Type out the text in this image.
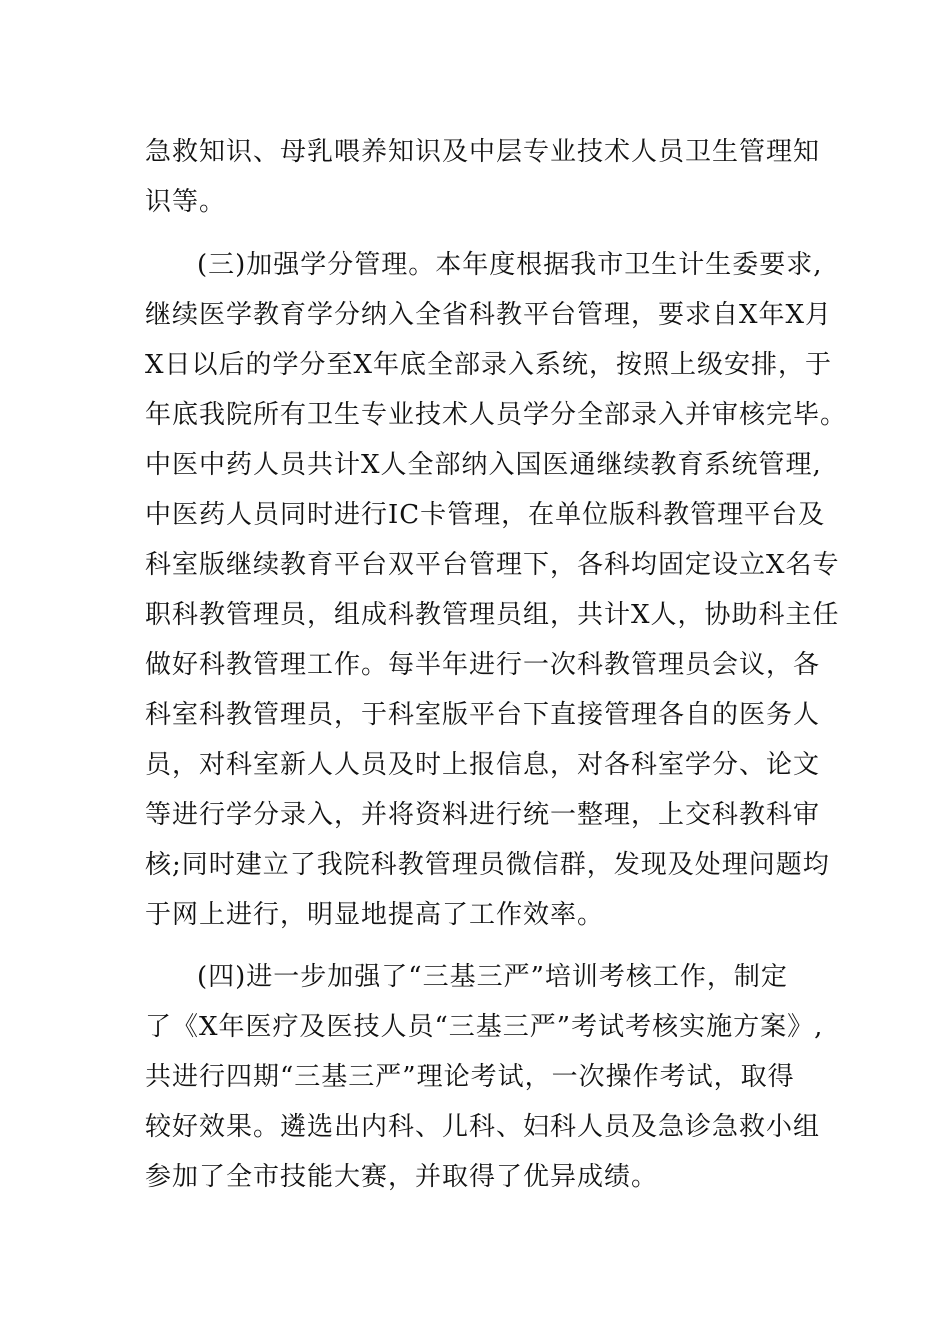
急救知识、母乳喂养知识及中层专业技术人员卫生管理知

识等。

(三)加强学分管理。本年度根据我市卫生计生委要求,

继续医学教育学分纳入全省科教平台管理，要求自X年X月

X日以后的学分至X年底全部录入系统，按照上级安排，于

年底我院所有卫生专业技术人员学分全部录入并审核完毕。

中医中药人员共计X人全部纳入国医通继续教育系统管理,

中医药人员同时进行IC卡管理，在单位版科教管理平台及

科室版继续教育平台双平台管理下，各科均固定设立X名专

职科教管理员，组成科教管理员组，共计X人，协助科主任

做好科教管理工作。每半年进行一次科教管理员会议，各

科室科教管理员，于科室版平台下直接管理各自的医务人

员，对科室新人人员及时上报信息，对各科室学分、论文

等进行学分录入，并将资料进行统一整理，上交科教科审

核;同时建立了我院科教管理员微信群，发现及处理问题均

于网上进行，明显地提高了工作效率。

(四)进一步加强了“三基三严”培训考核工作，制定

了《X年医疗及医技人员“三基三严”考试考核实施方案》,

共进行四期“三基三严”理论考试，一次操作考试，取得

较好效果。遴选出内科、儿科、妇科人员及急诊急救小组

参加了全市技能大赛，并取得了优异成绩。
